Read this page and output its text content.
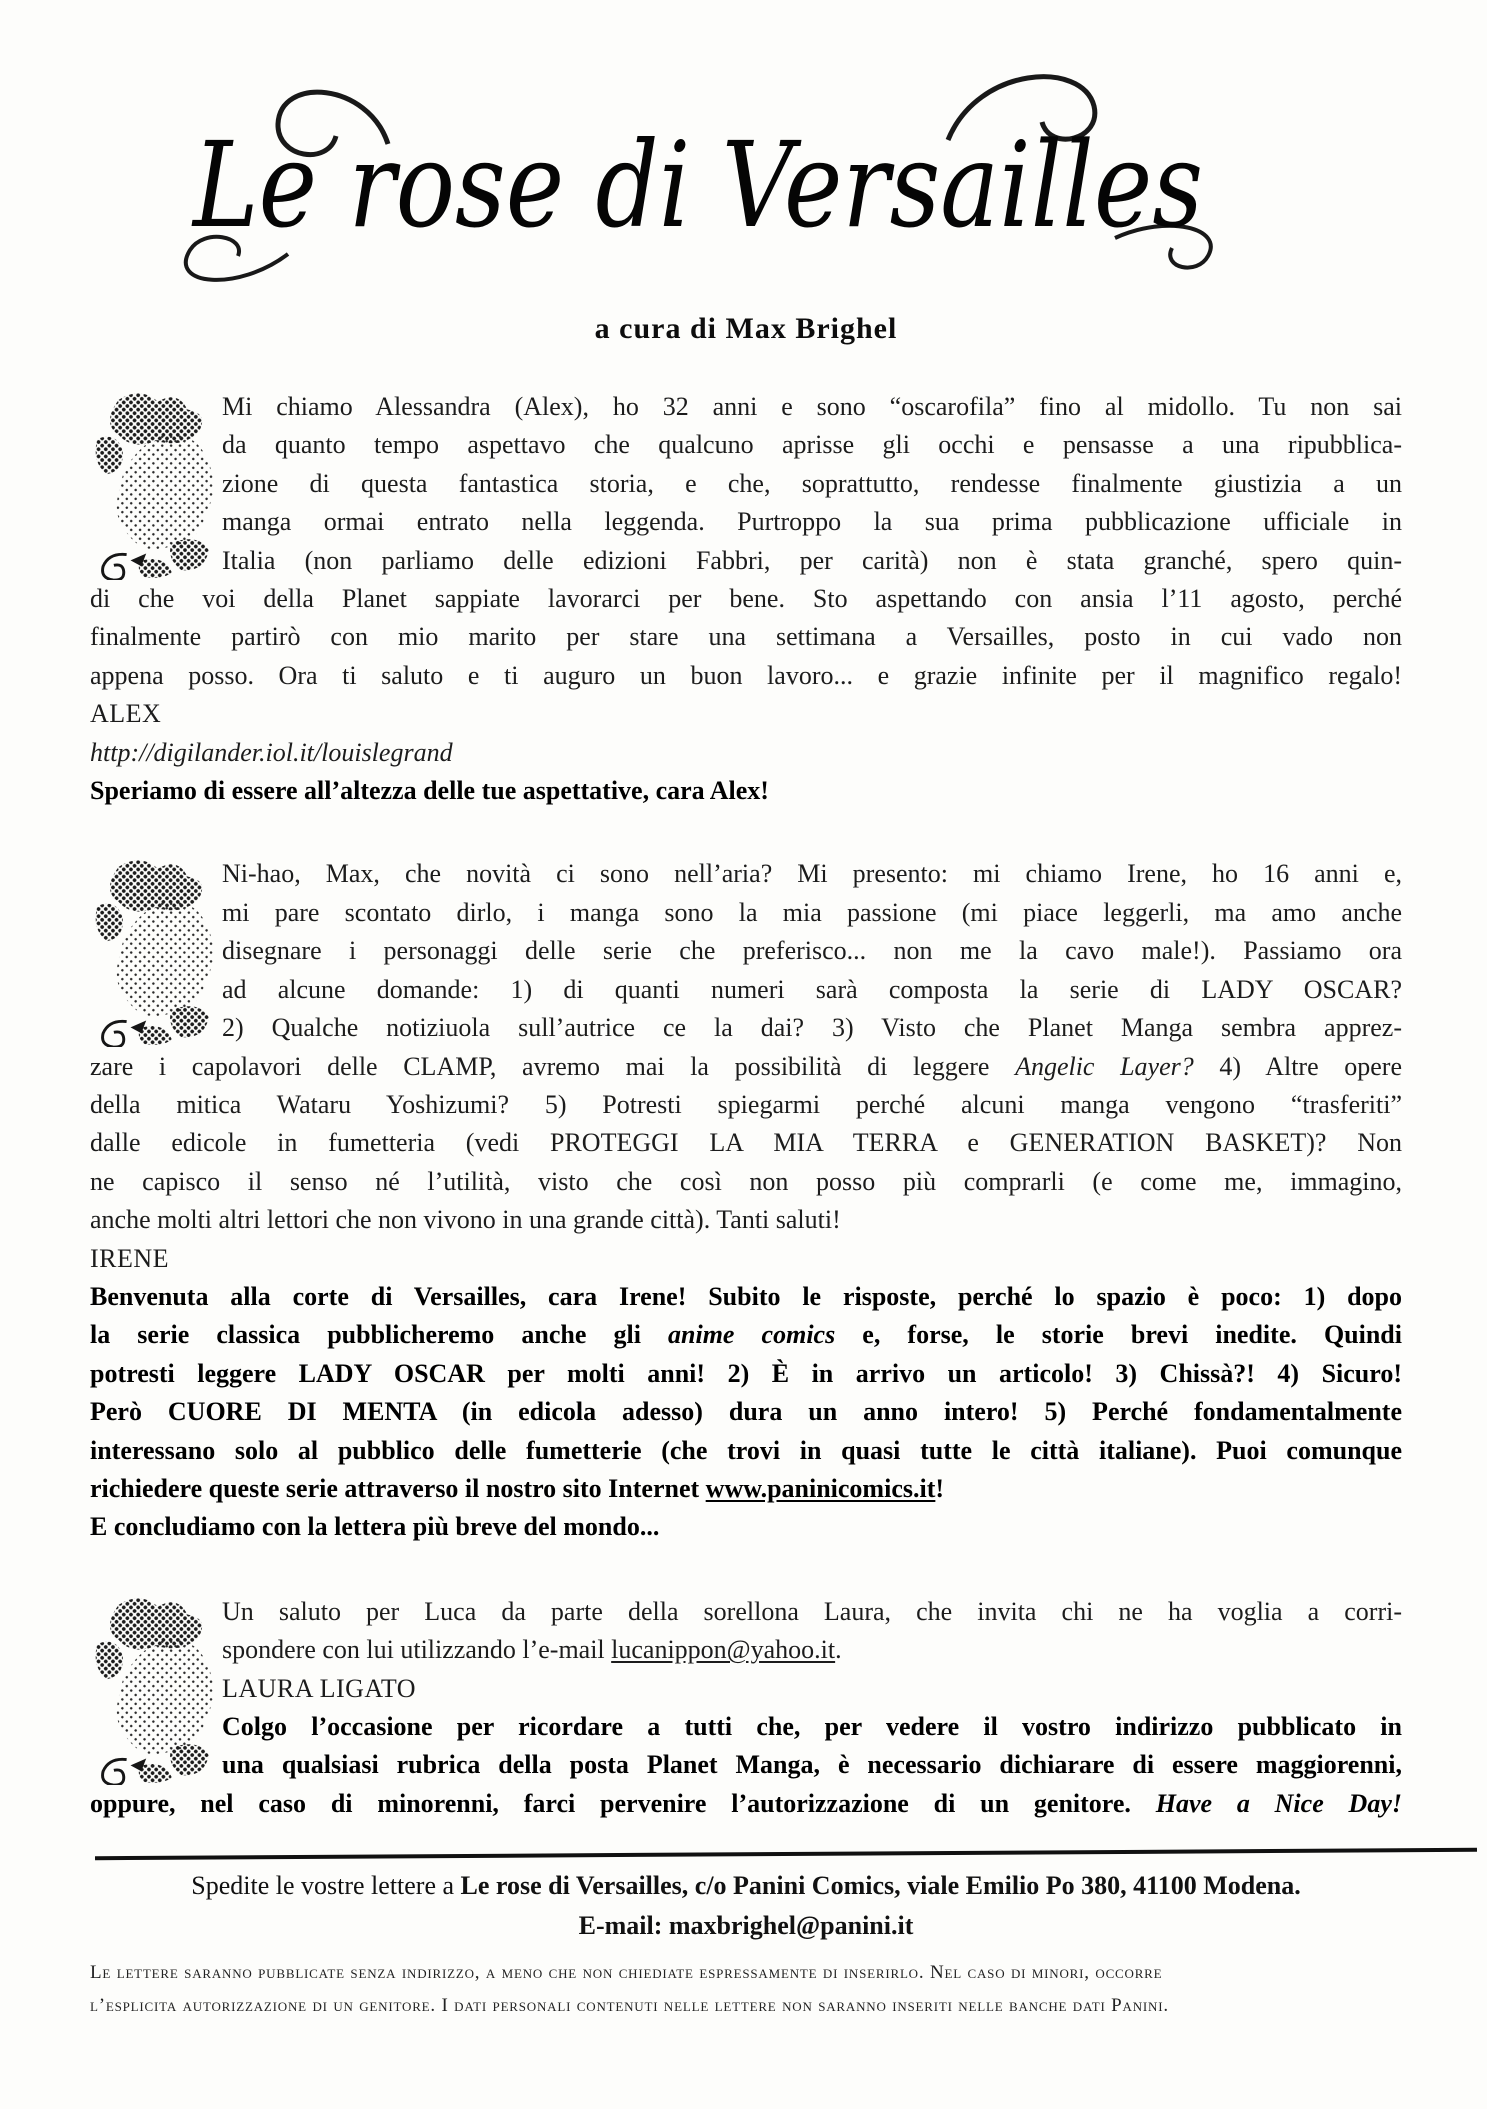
Le rose di Versailles
a cura di Max Brighel
Mi chiamo Alessandra (Alex), ho 32 anni e sono “oscarofila” fino al midollo. Tu non sai
da quanto tempo aspettavo che qualcuno aprisse gli occhi e pensasse a una ripubblica-
zione di questa fantastica storia, e che, soprattutto, rendesse finalmente giustizia a un
manga ormai entrato nella leggenda. Purtroppo la sua prima pubblicazione ufficiale in
Italia (non parliamo delle edizioni Fabbri, per carità) non è stata granché, spero quin-
di che voi della Planet sappiate lavorarci per bene. Sto aspettando con ansia l’11 agosto, perché
finalmente partirò con mio marito per stare una settimana a Versailles, posto in cui vado non
appena posso. Ora ti saluto e ti auguro un buon lavoro... e grazie infinite per il magnifico regalo!
ALEX
http://digilander.iol.it/louislegrand
Speriamo di essere all’altezza delle tue aspettative, cara Alex!
Ni-hao, Max, che novità ci sono nell’aria? Mi presento: mi chiamo Irene, ho 16 anni e,
mi pare scontato dirlo, i manga sono la mia passione (mi piace leggerli, ma amo anche
disegnare i personaggi delle serie che preferisco... non me la cavo male!). Passiamo ora
ad alcune domande: 1) di quanti numeri sarà composta la serie di LADY OSCAR?
2) Qualche notiziuola sull’autrice ce la dai? 3) Visto che Planet Manga sembra apprez-
zare i capolavori delle CLAMP, avremo mai la possibilità di leggere Angelic Layer? 4) Altre opere
della mitica Wataru Yoshizumi? 5) Potresti spiegarmi perché alcuni manga vengono “trasferiti”
dalle edicole in fumetteria (vedi PROTEGGI LA MIA TERRA e GENERATION BASKET)? Non
ne capisco il senso né l’utilità, visto che così non posso più comprarli (e come me, immagino,
anche molti altri lettori che non vivono in una grande città). Tanti saluti!
IRENE
Benvenuta alla corte di Versailles, cara Irene! Subito le risposte, perché lo spazio è poco: 1) dopo
la serie classica pubblicheremo anche gli anime comics e, forse, le storie brevi inedite. Quindi
potresti leggere LADY OSCAR per molti anni! 2) È in arrivo un articolo! 3) Chissà?! 4) Sicuro!
Però CUORE DI MENTA (in edicola adesso) dura un anno intero! 5) Perché fondamentalmente
interessano solo al pubblico delle fumetterie (che trovi in quasi tutte le città italiane). Puoi comunque
richiedere queste serie attraverso il nostro sito Internet www.paninicomics.it!
E concludiamo con la lettera più breve del mondo...
Un saluto per Luca da parte della sorellona Laura, che invita chi ne ha voglia a corri-
spondere con lui utilizzando l’e-mail lucanippon@yahoo.it.
LAURA LIGATO
Colgo l’occasione per ricordare a tutti che, per vedere il vostro indirizzo pubblicato in
una qualsiasi rubrica della posta Planet Manga, è necessario dichiarare di essere maggiorenni,
oppure, nel caso di minorenni, farci pervenire l’autorizzazione di un genitore. Have a Nice Day!
Spedite le vostre lettere a Le rose di Versailles, c/o Panini Comics, viale Emilio Po 380, 41100 Modena.
E-mail: maxbrighel@panini.it
Le lettere saranno pubblicate senza indirizzo, a meno che non chiediate espressamente di inserirlo. Nel caso di minori, occorre
l’esplicita autorizzazione di un genitore. I dati personali contenuti nelle lettere non saranno inseriti nelle banche dati Panini.
